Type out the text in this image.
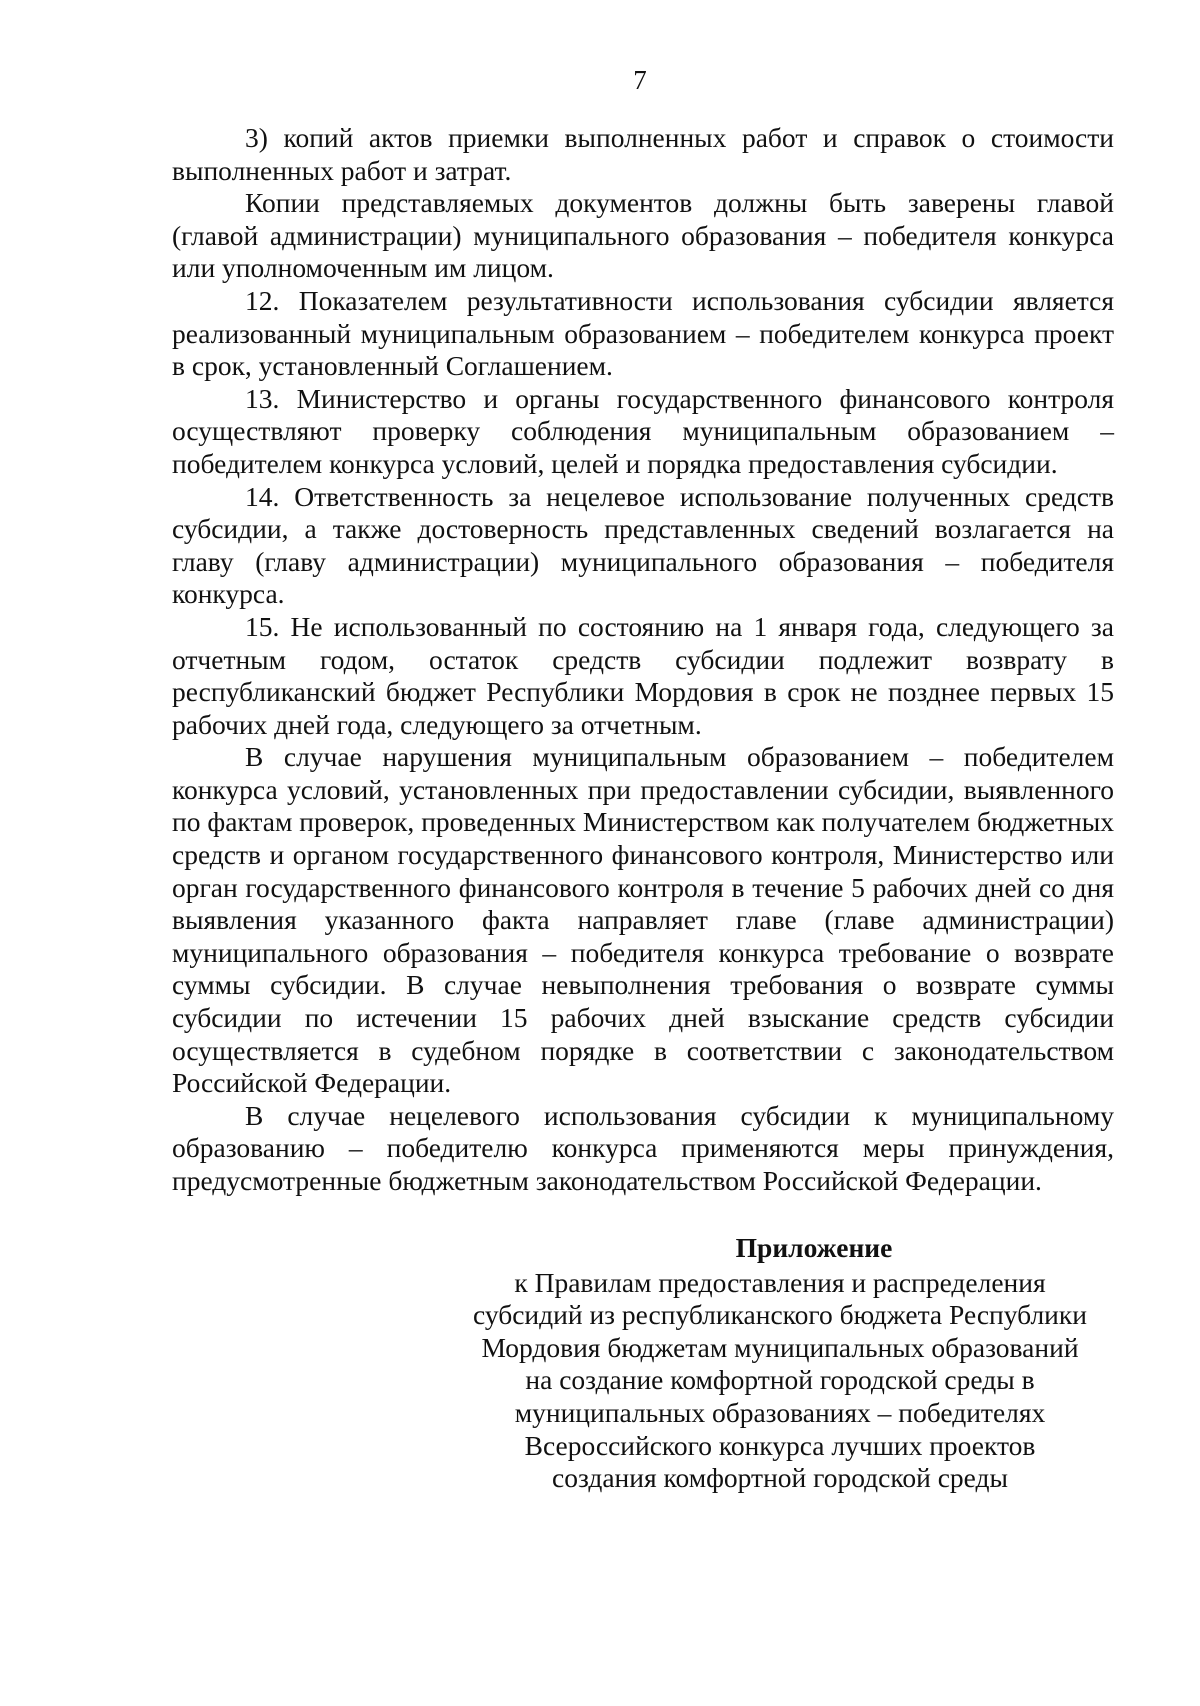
7

3) копий актов приемки выполненных работ и справок о стоимости выполненных работ и затрат.

Копии представляемых документов должны быть заверены главой (главой администрации) муниципального образования – победителя конкурса или уполномоченным им лицом.

12. Показателем результативности использования субсидии является реализованный муниципальным образованием – победителем конкурса проект в срок, установленный Соглашением.

13. Министерство и органы государственного финансового контроля осуществляют проверку соблюдения муниципальным образованием – победителем конкурса условий, целей и порядка предоставления субсидии.

14. Ответственность за нецелевое использование полученных средств субсидии, а также достоверность представленных сведений возлагается на главу (главу администрации) муниципального образования – победителя конкурса.

15. Не использованный по состоянию на 1 января года, следующего за отчетным годом, остаток средств субсидии подлежит возврату в республиканский бюджет Республики Мордовия в срок не позднее первых 15 рабочих дней года, следующего за отчетным.

В случае нарушения муниципальным образованием – победителем конкурса условий, установленных при предоставлении субсидии, выявленного по фактам проверок, проведенных Министерством как получателем бюджетных средств и органом государственного финансового контроля, Министерство или орган государственного финансового контроля в течение 5 рабочих дней со дня выявления указанного факта направляет главе (главе администрации) муниципального образования – победителя конкурса требование о возврате суммы субсидии. В случае невыполнения требования о возврате суммы субсидии по истечении 15 рабочих дней взыскание средств субсидии осуществляется в судебном порядке в соответствии с законодательством Российской Федерации.

В случае нецелевого использования субсидии к муниципальному образованию – победителю конкурса применяются меры принуждения, предусмотренные бюджетным законодательством Российской Федерации.

Приложение
к Правилам предоставления и распределения субсидий из республиканского бюджета Республики Мордовия бюджетам муниципальных образований на создание комфортной городской среды в муниципальных образованиях – победителях Всероссийского конкурса лучших проектов создания комфортной городской среды
